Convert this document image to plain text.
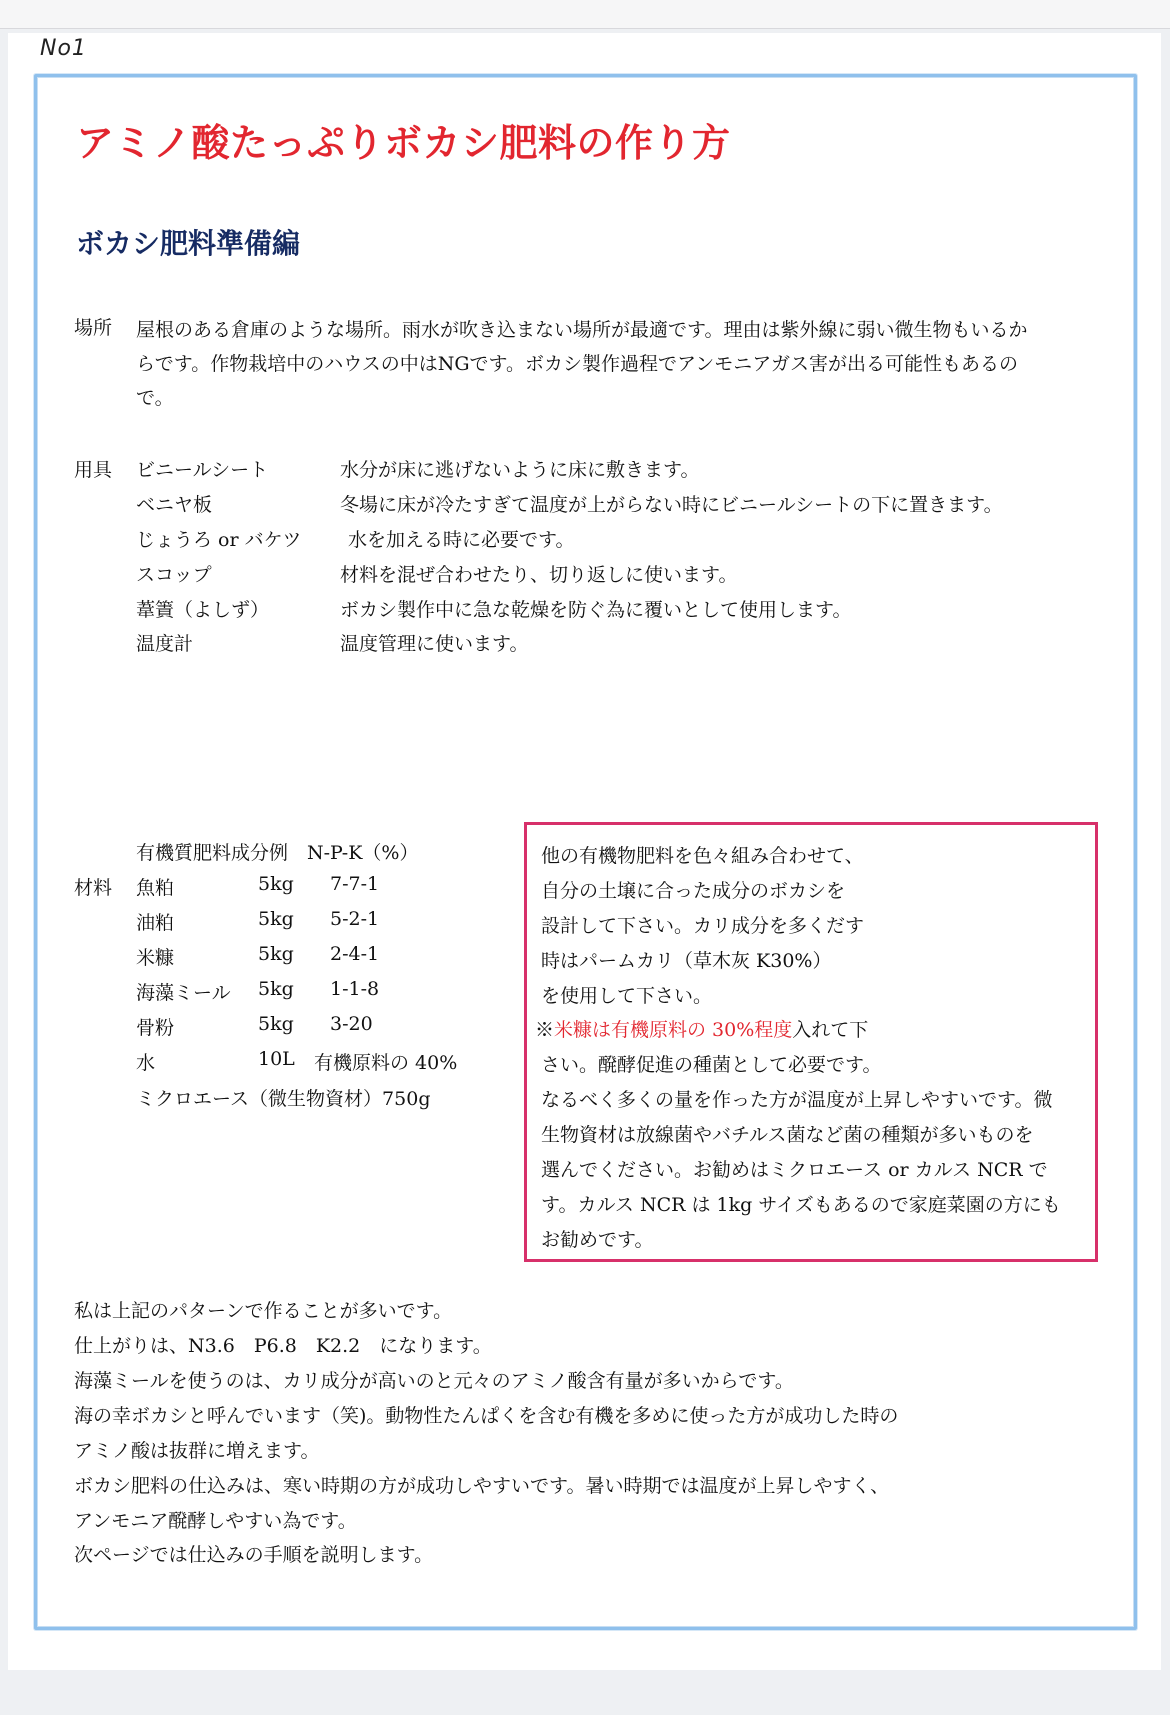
No1
アミノ酸たっぷりボカシ肥料の作り方
ボカシ肥料準備編
場所 屋根のある倉庫のような場所。雨水が吹き込まない場所が最適です。理由は紫外線に弱い微生物もいるか

らです。作物栽培中のハウスの中はNGです。ボカシ製作過程でアンモニアガス害が出る可能性もあるの

で。

用具 ビニールシート	水分が床に逃げないように床に敷きます。
ベニヤ板	冬場に床が冷たすぎて温度が上がらない時にビニールシートの下に置きます。
じょうろ or バケツ 水を加える時に必要です。
スコップ	材料を混ぜ合わせたり、切り返しに使います。
葦簀（よしず）	ボカシ製作中に急な乾燥を防ぐ為に覆いとして使用します。
温度計	温度管理に使います。
有機質肥料成分例　N-P-K（%）
材料 魚粕	5kg 7-7-1
油粕	5kg 5-2-1
米糠	5kg 2-4-1
海藻ミール 5kg 1-1-8
骨粉	5kg 3-20
水	10L 有機原料の 40%
ミクロエース（微生物資材）750g
他の有機物肥料を色々組み合わせて、
自分の土壌に合った成分のボカシを
設計して下さい。カリ成分を多くだす
時はパームカリ（草木灰 K30%）
を使用して下さい。
※米糠は有機原料の 30%程度入れて下
さい。醗酵促進の種菌として必要です。
なるべく多くの量を作った方が温度が上昇しやすいです。微
生物資材は放線菌やバチルス菌など菌の種類が多いものを
選んでください。お勧めはミクロエース or カルス NCR で
す。カルス NCR は 1kg サイズもあるので家庭菜園の方にも
お勧めです。
私は上記のパターンで作ることが多いです。
仕上がりは、N3.6　P6.8　K2.2　になります。
海藻ミールを使うのは、カリ成分が高いのと元々のアミノ酸含有量が多いからです。
海の幸ボカシと呼んでいます（笑)。動物性たんぱくを含む有機を多めに使った方が成功した時の
アミノ酸は抜群に増えます。
ボカシ肥料の仕込みは、寒い時期の方が成功しやすいです。暑い時期では温度が上昇しやすく、
アンモニア醗酵しやすい為です。
次ページでは仕込みの手順を説明します。
